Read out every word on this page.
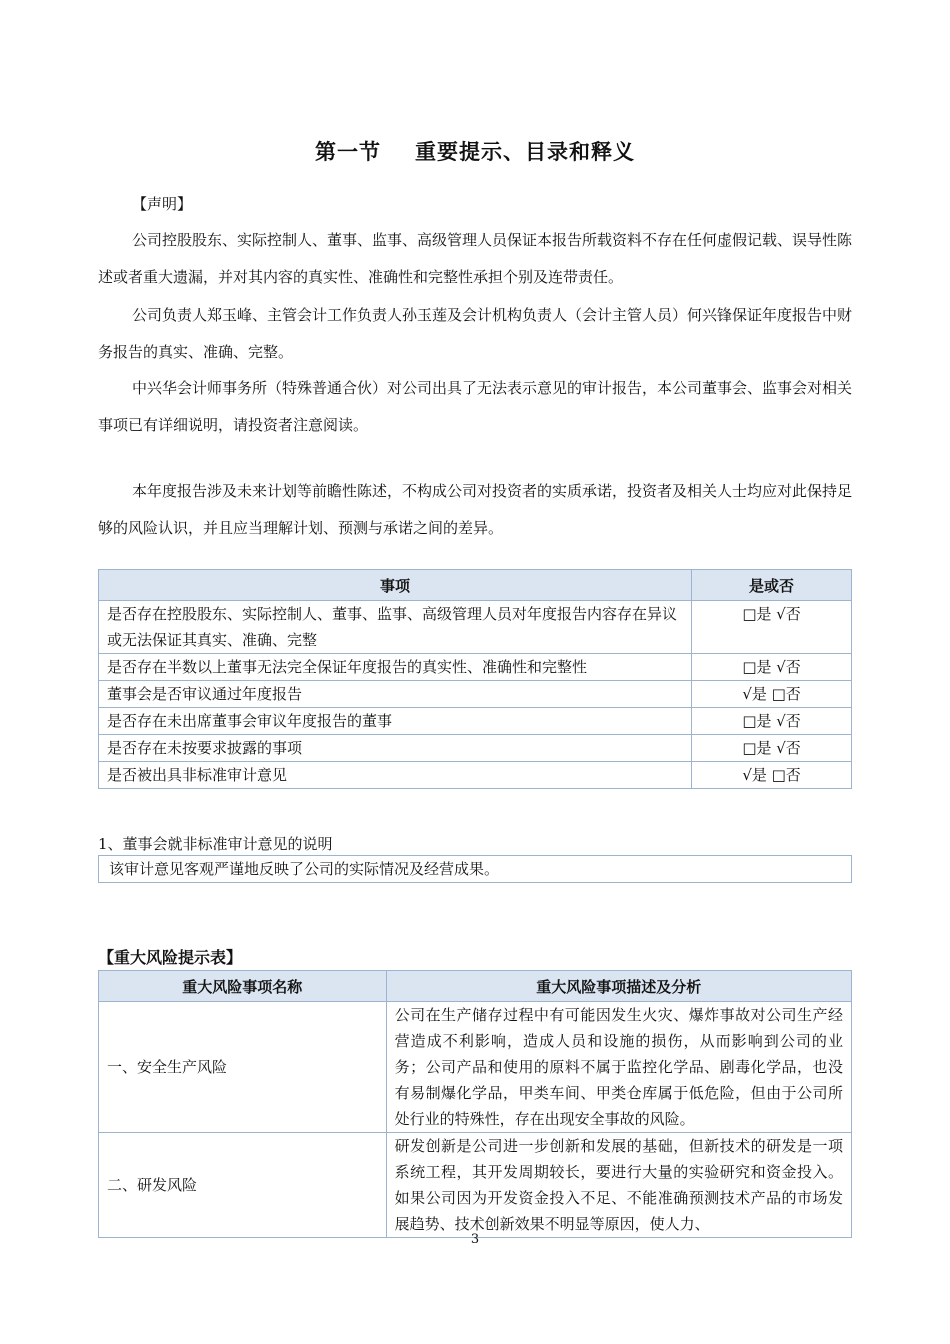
第一节 重要提示、目录和释义
【声明】
公司控股股东、实际控制人、董事、监事、高级管理人员保证本报告所载资料不存在任何虚假记载、误导性陈述或者重大遗漏，并对其内容的真实性、准确性和完整性承担个别及连带责任。
公司负责人郑玉峰、主管会计工作负责人孙玉莲及会计机构负责人（会计主管人员）何兴锋保证年度报告中财务报告的真实、准确、完整。
中兴华会计师事务所（特殊普通合伙）对公司出具了无法表示意见的审计报告，本公司董事会、监事会对相关事项已有详细说明，请投资者注意阅读。
本年度报告涉及未来计划等前瞻性陈述，不构成公司对投资者的实质承诺，投资者及相关人士均应对此保持足够的风险认识，并且应当理解计划、预测与承诺之间的差异。
事项	是或否
是否存在控股股东、实际控制人、董事、监事、高级管理人员对年度报告内容存在异议或无法保证其真实、准确、完整	□是 √否
是否存在半数以上董事无法完全保证年度报告的真实性、准确性和完整性	□是 √否
董事会是否审议通过年度报告	√是 □否
是否存在未出席董事会审议年度报告的董事	□是 √否
是否存在未按要求披露的事项	□是 √否
是否被出具非标准审计意见	√是 □否
1、董事会就非标准审计意见的说明
该审计意见客观严谨地反映了公司的实际情况及经营成果。
【重大风险提示表】
重大风险事项名称	重大风险事项描述及分析
一、安全生产风险	公司在生产储存过程中有可能因发生火灾、爆炸事故对公司生产经营造成不利影响，造成人员和设施的损伤，从而影响到公司的业务；公司产品和使用的原料不属于监控化学品、剧毒化学品，也没有易制爆化学品，甲类车间、甲类仓库属于低危险，但由于公司所处行业的特殊性，存在出现安全事故的风险。
二、研发风险	研发创新是公司进一步创新和发展的基础，但新技术的研发是一项系统工程，其开发周期较长，要进行大量的实验研究和资金投入。如果公司因为开发资金投入不足、不能准确预测技术产品的市场发展趋势、技术创新效果不明显等原因，使人力、
3
